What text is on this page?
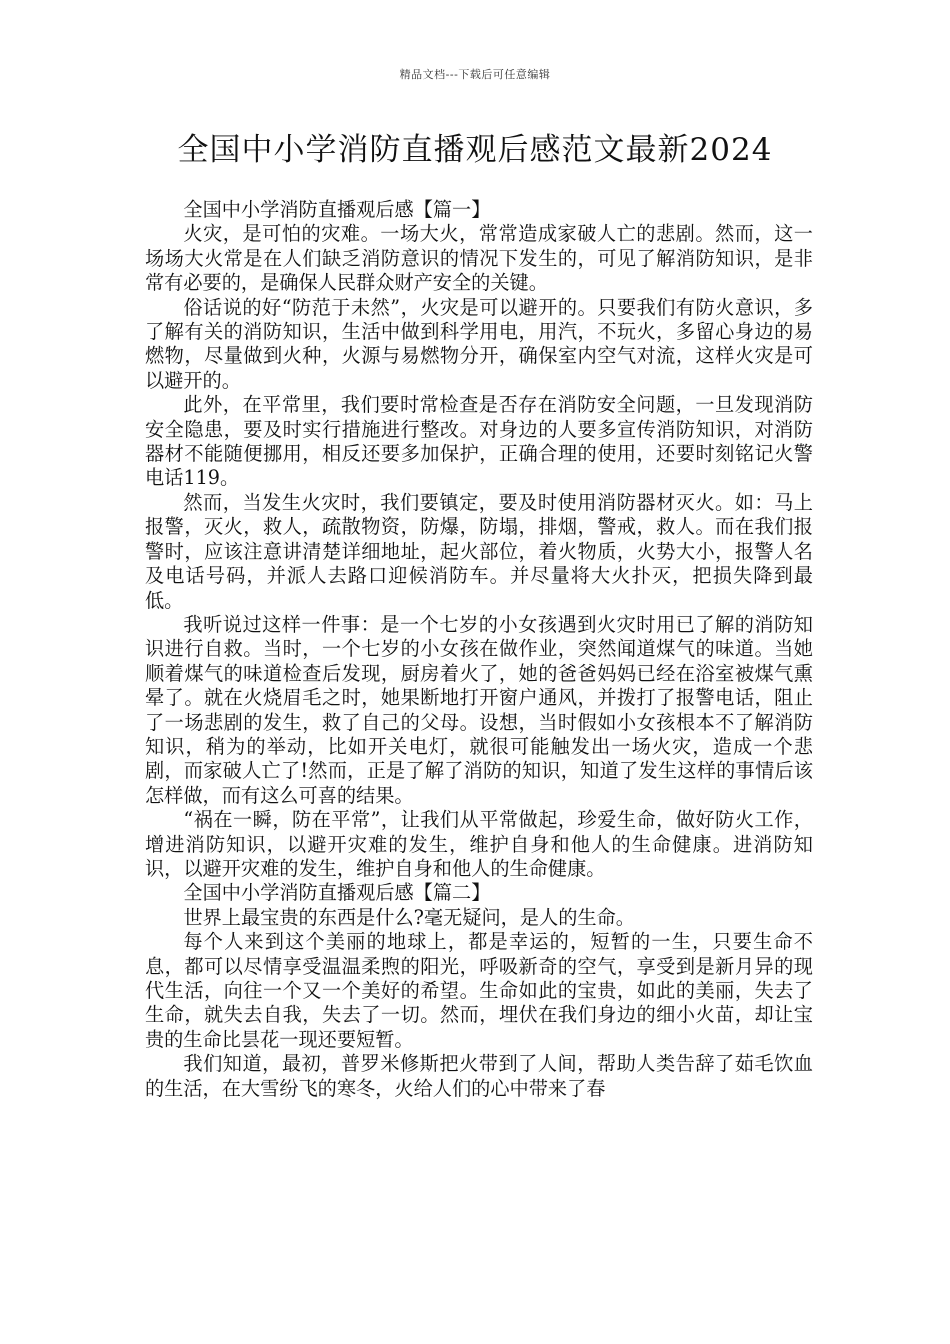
精品文档---下载后可任意编辑
全国中小学消防直播观后感范文最新2024

全国中小学消防直播观后感【篇一】

火灾，是可怕的灾难。一场大火，常常造成家破人亡的悲剧。然而，这一场场大火常是在人们缺乏消防意识的情况下发生的，可见了解消防知识，是非常有必要的，是确保人民群众财产安全的关键。

俗话说的好“防范于未然”，火灾是可以避开的。只要我们有防火意识，多了解有关的消防知识，生活中做到科学用电，用汽，不玩火，多留心身边的易燃物，尽量做到火种，火源与易燃物分开，确保室内空气对流，这样火灾是可以避开的。

此外，在平常里，我们要时常检查是否存在消防安全问题，一旦发现消防安全隐患，要及时实行措施进行整改。对身边的人要多宣传消防知识，对消防器材不能随便挪用，相反还要多加保护，正确合理的使用，还要时刻铭记火警电话119。

然而，当发生火灾时，我们要镇定，要及时使用消防器材灭火。如：马上报警，灭火，救人，疏散物资，防爆，防塌，排烟，警戒，救人。而在我们报警时，应该注意讲清楚详细地址，起火部位，着火物质，火势大小，报警人名及电话号码，并派人去路口迎候消防车。并尽量将大火扑灭，把损失降到最低。

我听说过这样一件事：是一个七岁的小女孩遇到火灾时用已了解的消防知识进行自救。当时，一个七岁的小女孩在做作业，突然闻道煤气的味道。当她顺着煤气的味道检查后发现，厨房着火了，她的爸爸妈妈已经在浴室被煤气熏晕了。就在火烧眉毛之时，她果断地打开窗户通风，并拨打了报警电话，阻止了一场悲剧的发生，救了自己的父母。设想，当时假如小女孩根本不了解消防知识，稍为的举动，比如开关电灯，就很可能触发出一场火灾，造成一个悲剧，而家破人亡了!然而，正是了解了消防的知识，知道了发生这样的事情后该怎样做，而有这么可喜的结果。

“祸在一瞬，防在平常”，让我们从平常做起，珍爱生命，做好防火工作，增进消防知识，以避开灾难的发生，维护自身和他人的生命健康。进消防知识，以避开灾难的发生，维护自身和他人的生命健康。

全国中小学消防直播观后感【篇二】

世界上最宝贵的东西是什么?毫无疑问，是人的生命。

每个人来到这个美丽的地球上，都是幸运的，短暂的一生，只要生命不息，都可以尽情享受温温柔煦的阳光，呼吸新奇的空气，享受到是新月异的现代生活，向往一个又一个美好的希望。生命如此的宝贵，如此的美丽，失去了生命，就失去自我，失去了一切。然而，埋伏在我们身边的细小火苗，却让宝贵的生命比昙花一现还要短暂。

我们知道，最初，普罗米修斯把火带到了人间，帮助人类告辞了茹毛饮血的生活，在大雪纷飞的寒冬，火给人们的心中带来了春
